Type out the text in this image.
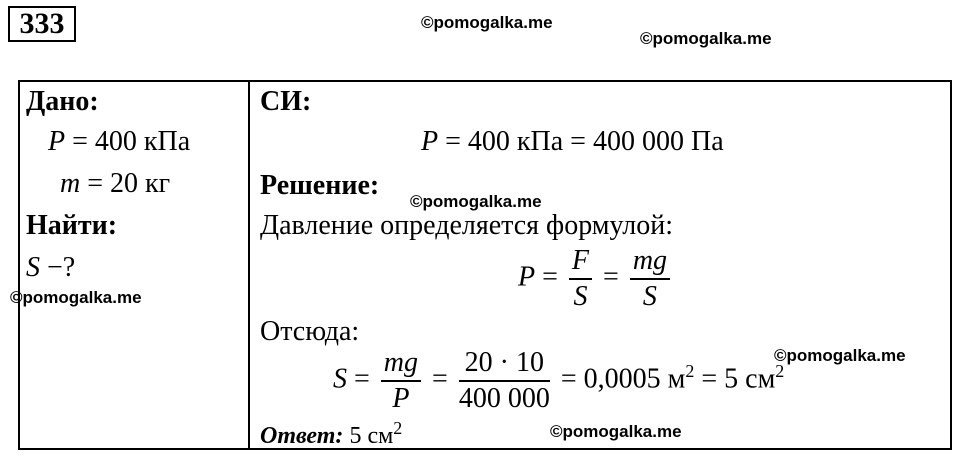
333	©pomogalka.me
©pomogalka.me
©pomogalka.me
©pomogalka.me
©pomogalka.me
©pomogalka.me
Дано:
P = 400 кПа
m = 20 кг
Найти:
S −?
СИ:
P = 400 кПа = 400 000 Па
Решение:
Давление определяется формулой:
$P = \frac{F}{S} = \frac{mg}{S}$
Отсюда:
$S = \frac{mg}{P} = \frac{20 \cdot 10}{400 000} = 0,0005$ $м^2 = 5$ $см^2$
Ответ: 5 $см^2$
